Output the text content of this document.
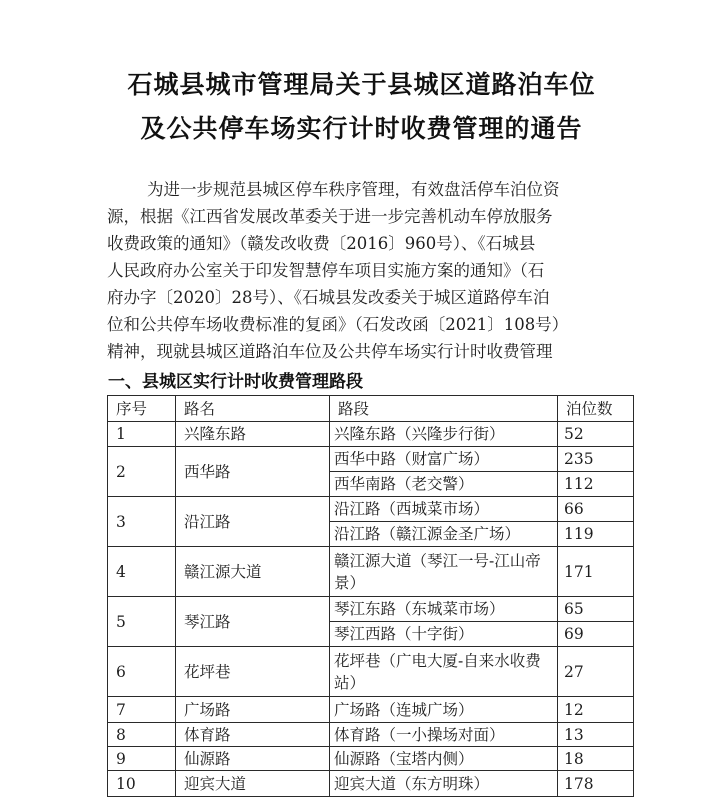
石城县城市管理局关于县城区道路泊车位
及公共停车场实行计时收费管理的通告
为进一步规范县城区停车秩序管理，有效盘活停车泊位资
源，根据《江西省发展改革委关于进一步完善机动车停放服务
收费政策的通知》（赣发改收费〔2016〕960号）、《石城县
人民政府办公室关于印发智慧停车项目实施方案的通知》（石
府办字〔2020〕28号）、《石城县发改委关于城区道路停车泊
位和公共停车场收费标准的复函》（石发改函〔2021〕108号）
精神，现就县城区道路泊车位及公共停车场实行计时收费管理
一、县城区实行计时收费管理路段
序号	路名	路段	泊位数
1	兴隆东路	兴隆东路（兴隆步行街）	52
2	西华路	西华中路（财富广场）	235
		西华南路（老交警）	112
3	沿江路	沿江路（西城菜市场）	66
		沿江路（赣江源金圣广场）	119
4	赣江源大道	赣江源大道（琴江一号-江山帝景）	171
5	琴江路	琴江东路（东城菜市场）	65
		琴江西路（十字街）	69
6	花坪巷	花坪巷（广电大厦-自来水收费站）	27
7	广场路	广场路（连城广场）	12
8	体育路	体育路（一小操场对面）	13
9	仙源路	仙源路（宝塔内侧）	18
10	迎宾大道	迎宾大道（东方明珠）	178
